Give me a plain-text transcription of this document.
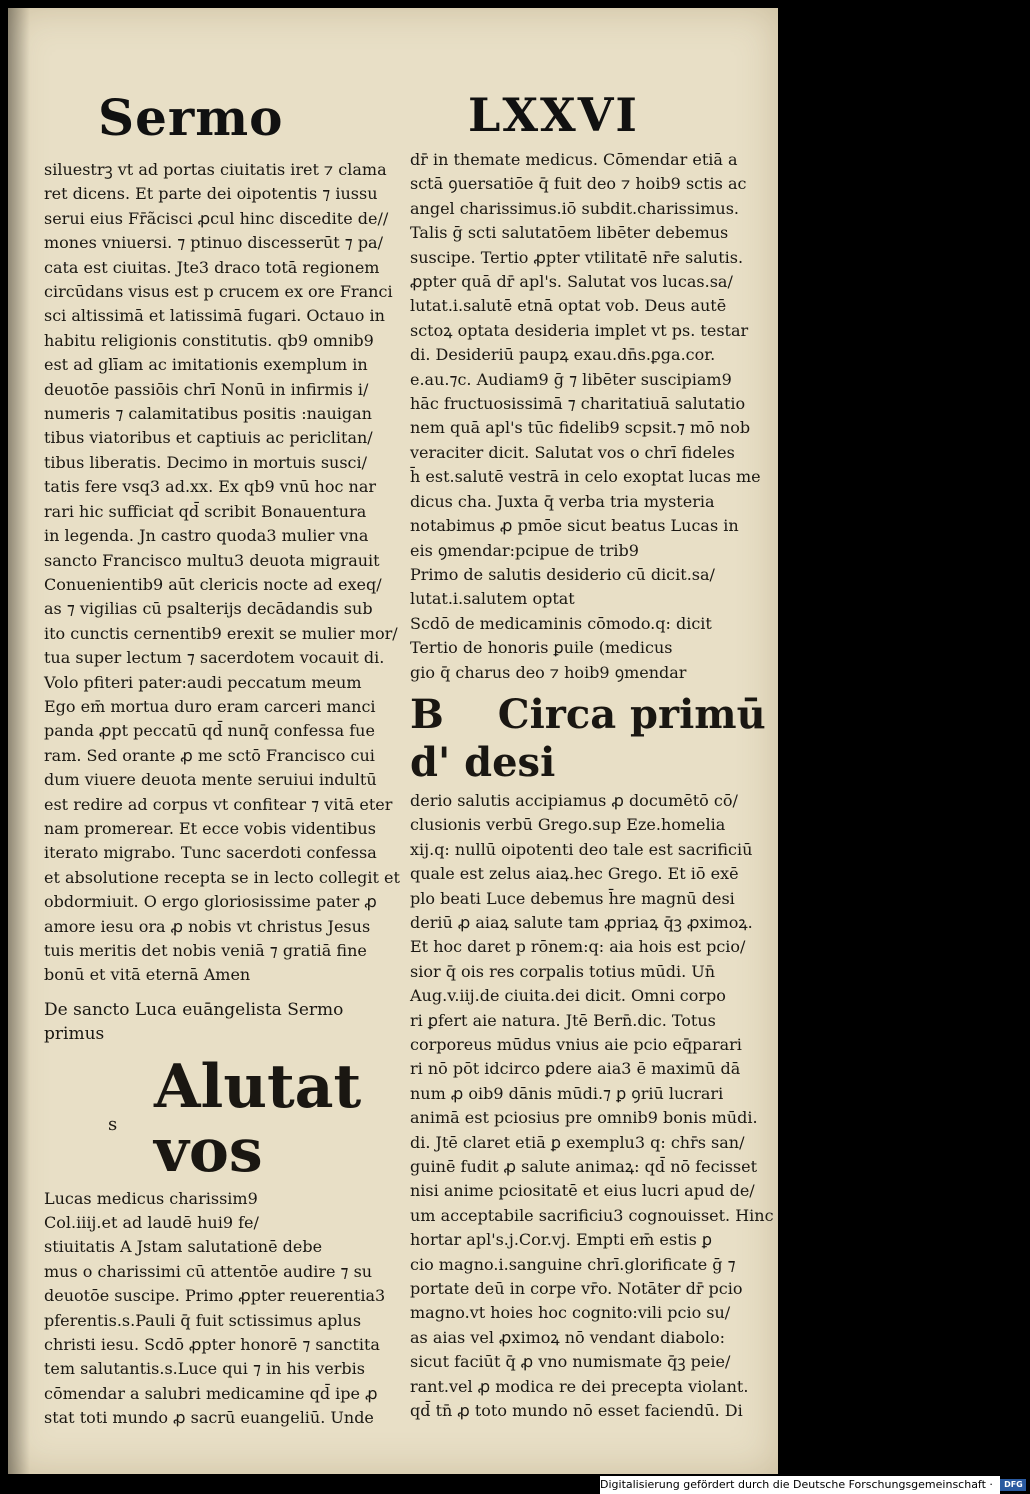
Sermo	LXXVI
siluestrꝫ vt ad portas ciuitatis iret ⁊ clama
ret dicens. Et parte dei oipotentis ⁊ iussu
serui eius Fr̄ãcisci ꝓcul hinc discedite de//
mones vniuersi. ⁊ ptinuo discesserūt ⁊ pa/
cata est ciuitas. Jte3 draco totā regionem
circūdans visus est p crucem ex ore Franci
sci altissimā et latissimā fugari. Octauo in
habitu religionis constitutis. qb9 omnib9
est ad glīam ac imitationis exemplum in
deuotōe passiōis chrī Nonū in infirmis i/
numeris ⁊ calamitatibus positis :nauigan
tibus viatoribus et captiuis ac periclitan/
tibus liberatis. Decimo in mortuis susci/
tatis fere vsq3 ad.xx. Ex qb9 vnū hoc nar
rari hic sufficiat qd̄ scribit Bonauentura
in legenda. Jn castro quoda3 mulier vna
sancto Francisco multu3 deuota migrauit
Conuenientib9 aūt clericis nocte ad exeq/
as ⁊ vigilias cū psalterijs decādandis sub
ito cunctis cernentib9 erexit se mulier mor/
tua super lectum ⁊ sacerdotem vocauit di.
Volo pfiteri pater:audi peccatum meum
Ego em̄ mortua duro eram carceri manci
panda ꝓpt peccatū qd̄ nunq̄ confessa fue
ram. Sed orante ꝓ me sctō Francisco cui
dum viuere deuota mente seruiui indultū
est redire ad corpus vt confitear ⁊ vitā eter
nam promerear. Et ecce vobis videntibus
iterato migrabo. Tunc sacerdoti confessa
et absolutione recepta se in lecto collegit et
obdormiuit. O ergo gloriosissime pater ꝓ
amore iesu ora ꝓ nobis vt christus Jesus
tuis meritis det nobis veniā ⁊ gratiā fine
bonū et vitā eternā Amen
De sancto Luca euāngelista Sermo
primus
Alutat vos
s
Lucas medicus charissim9
Col.iiij.et ad laudē hui9 fe/
stiuitatis A Jstam salutationē debe
mus o charissimi cū attentōe audire ⁊ su
deuotōe suscipe. Primo ꝓpter reuerentia3
pferentis.s.Pauli q̄ fuit sctissimus aplus
christi iesu. Scdō ꝓpter honorē ⁊ sanctita
tem salutantis.s.Luce qui ⁊ in his verbis
cōmendar a salubri medicamine qd̄ ipe ꝓ
stat toti mundo ꝓ sacrū euangeliū. Unde
dr̄ in themate medicus. Cōmendar etiā a
sctā ꝯuersatiōe q̄ fuit deo ⁊ hoib9 sctis ac
angel charissimus.iō subdit.charissimus.
Talis ḡ scti salutatōem libēter debemus
suscipe. Tertio ꝓpter vtilitatē nr̄e salutis.
ꝓpter quā dr̄ apl's. Salutat vos lucas.sa/
lutat.i.salutē etnā optat vob. Deus autē
sctoꝝ optata desideria implet vt ps. testar
di. Desideriū paupꝝ exau.dn̄s.ꝑga.cor.
e.au.⁊c. Audiam9 ḡ ⁊ libēter suscipiam9
hāc fructuosissimā ⁊ charitatiuā salutatio
nem quā apl's tūc fidelib9 scpsit.⁊ mō nob
veraciter dicit. Salutat vos o chrī fideles
h̄ est.salutē vestrā in celo exoptat lucas me
dicus cha. Juxta q̄ verba tria mysteria
notabimus ꝓ pmōe sicut beatus Lucas in
eis ꝯmendar:pcipue de trib9
Primo de salutis desiderio cū dicit.sa/
lutat.i.salutem optat
Scdō de medicaminis cōmodo.q: dicit
Tertio de honoris ꝑuile (medicus
gio q̄ charus deo ⁊ hoib9 ꝯmendar
B Circa primū d' desi
derio salutis accipiamus ꝓ documētō cō/
clusionis verbū Grego.sup Eze.homelia
xij.q: nullū oipotenti deo tale est sacrificiū
quale est zelus aiaꝝ.hec Grego. Et iō exē
plo beati Luce debemus h̄re magnū desi
deriū ꝓ aiaꝝ salute tam ꝓpriaꝝ q̄ꝫ ꝓximoꝝ.
Et hoc daret p rōnem:q: aia hois est pcio/
sior q̄ ois res corpalis totius mūdi. Un̄
Aug.v.iij.de ciuita.dei dicit. Omni corpo
ri ꝑfert aie natura. Jtē Bern̄.dic. Totus
corporeus mūdus vnius aie pcio eq̄parari
ri nō pōt idcirco ꝑdere aia3 ē maximū dā
num ꝓ oib9 dānis mūdi.⁊ ꝑ ꝯriū lucrari
animā est pciosius pre omnib9 bonis mūdi.
di. Jtē claret etiā ꝑ exemplu3 q: chr̄s san/
guinē fudit ꝓ salute animaꝝ: qd̄ nō fecisset
nisi anime pciositatē et eius lucri apud de/
um acceptabile sacrificiu3 cognouisset. Hinc
hortar apl's.j.Cor.vj. Empti em̄ estis ꝑ
cio magno.i.sanguine chrī.glorificate ḡ ⁊
portate deū in corpe vr̄o. Notāter dr̄ pcio
magno.vt hoies hoc cognito:vili pcio su/
as aias vel ꝓximoꝝ nō vendant diabolo:
sicut faciūt q̄ ꝓ vno numismate q̄ꝫ peie/
rant.vel ꝓ modica re dei precepta violant.
qd̄ tn̄ ꝓ toto mundo nō esset faciendū. Di
Digitalisierung gefördert durch die Deutsche Forschungsgemeinschaft · DFG
